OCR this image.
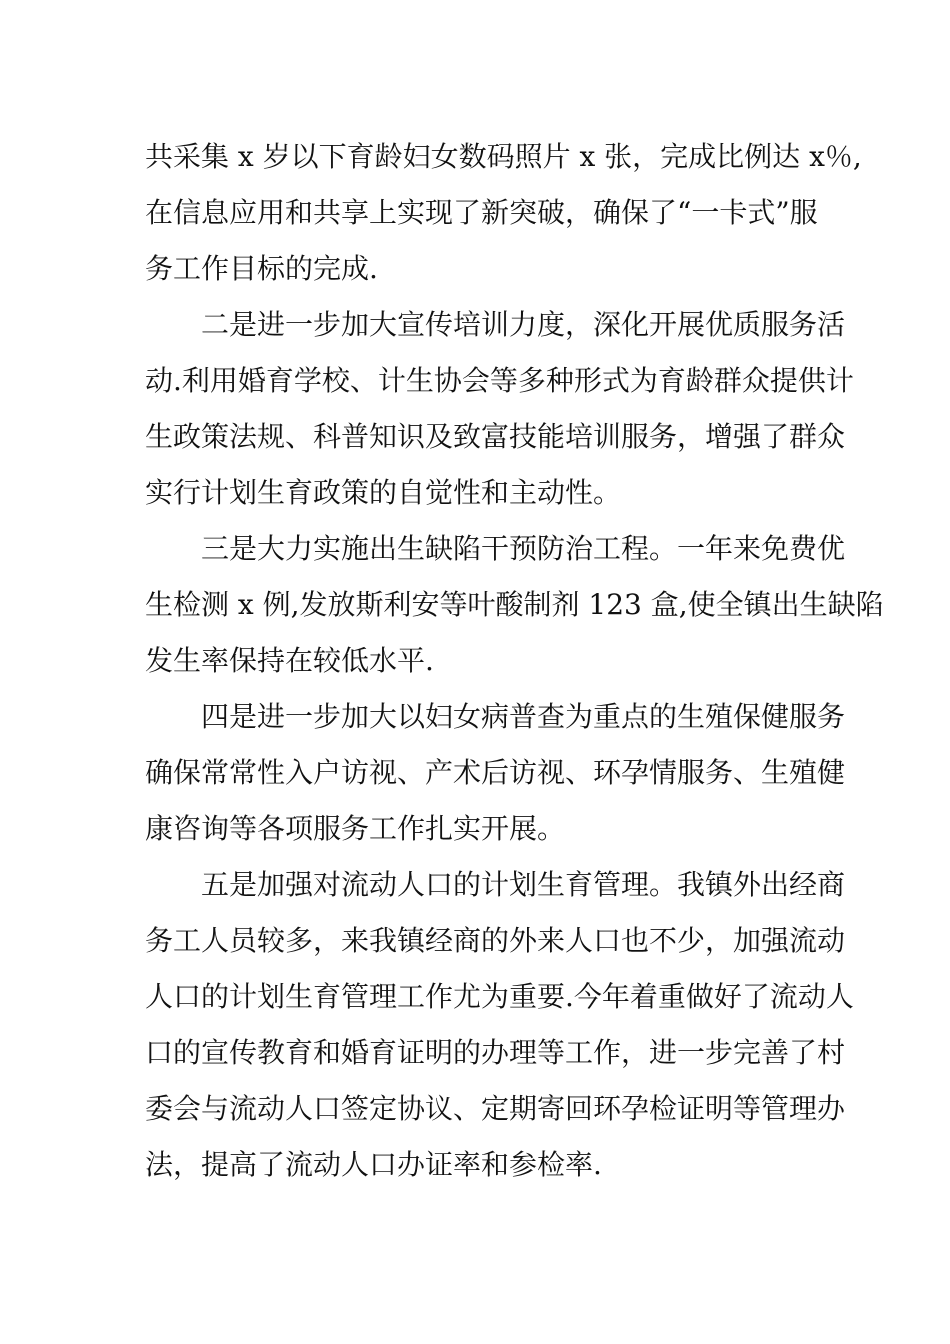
共采集 x 岁以下育龄妇女数码照片 x 张，完成比例达 x％,
在信息应用和共享上实现了新突破，确保了“一卡式”服
务工作目标的完成.
二是进一步加大宣传培训力度，深化开展优质服务活
动.利用婚育学校、计生协会等多种形式为育龄群众提供计
生政策法规、科普知识及致富技能培训服务，增强了群众
实行计划生育政策的自觉性和主动性。
三是大力实施出生缺陷干预防治工程。一年来免费优
生检测 x 例,发放斯利安等叶酸制剂 123 盒,使全镇出生缺陷
发生率保持在较低水平.
四是进一步加大以妇女病普查为重点的生殖保健服务
确保常常性入户访视、产术后访视、环孕情服务、生殖健
康咨询等各项服务工作扎实开展。
五是加强对流动人口的计划生育管理。我镇外出经商
务工人员较多，来我镇经商的外来人口也不少，加强流动
人口的计划生育管理工作尤为重要.今年着重做好了流动人
口的宣传教育和婚育证明的办理等工作，进一步完善了村
委会与流动人口签定协议、定期寄回环孕检证明等管理办
法，提高了流动人口办证率和参检率.
